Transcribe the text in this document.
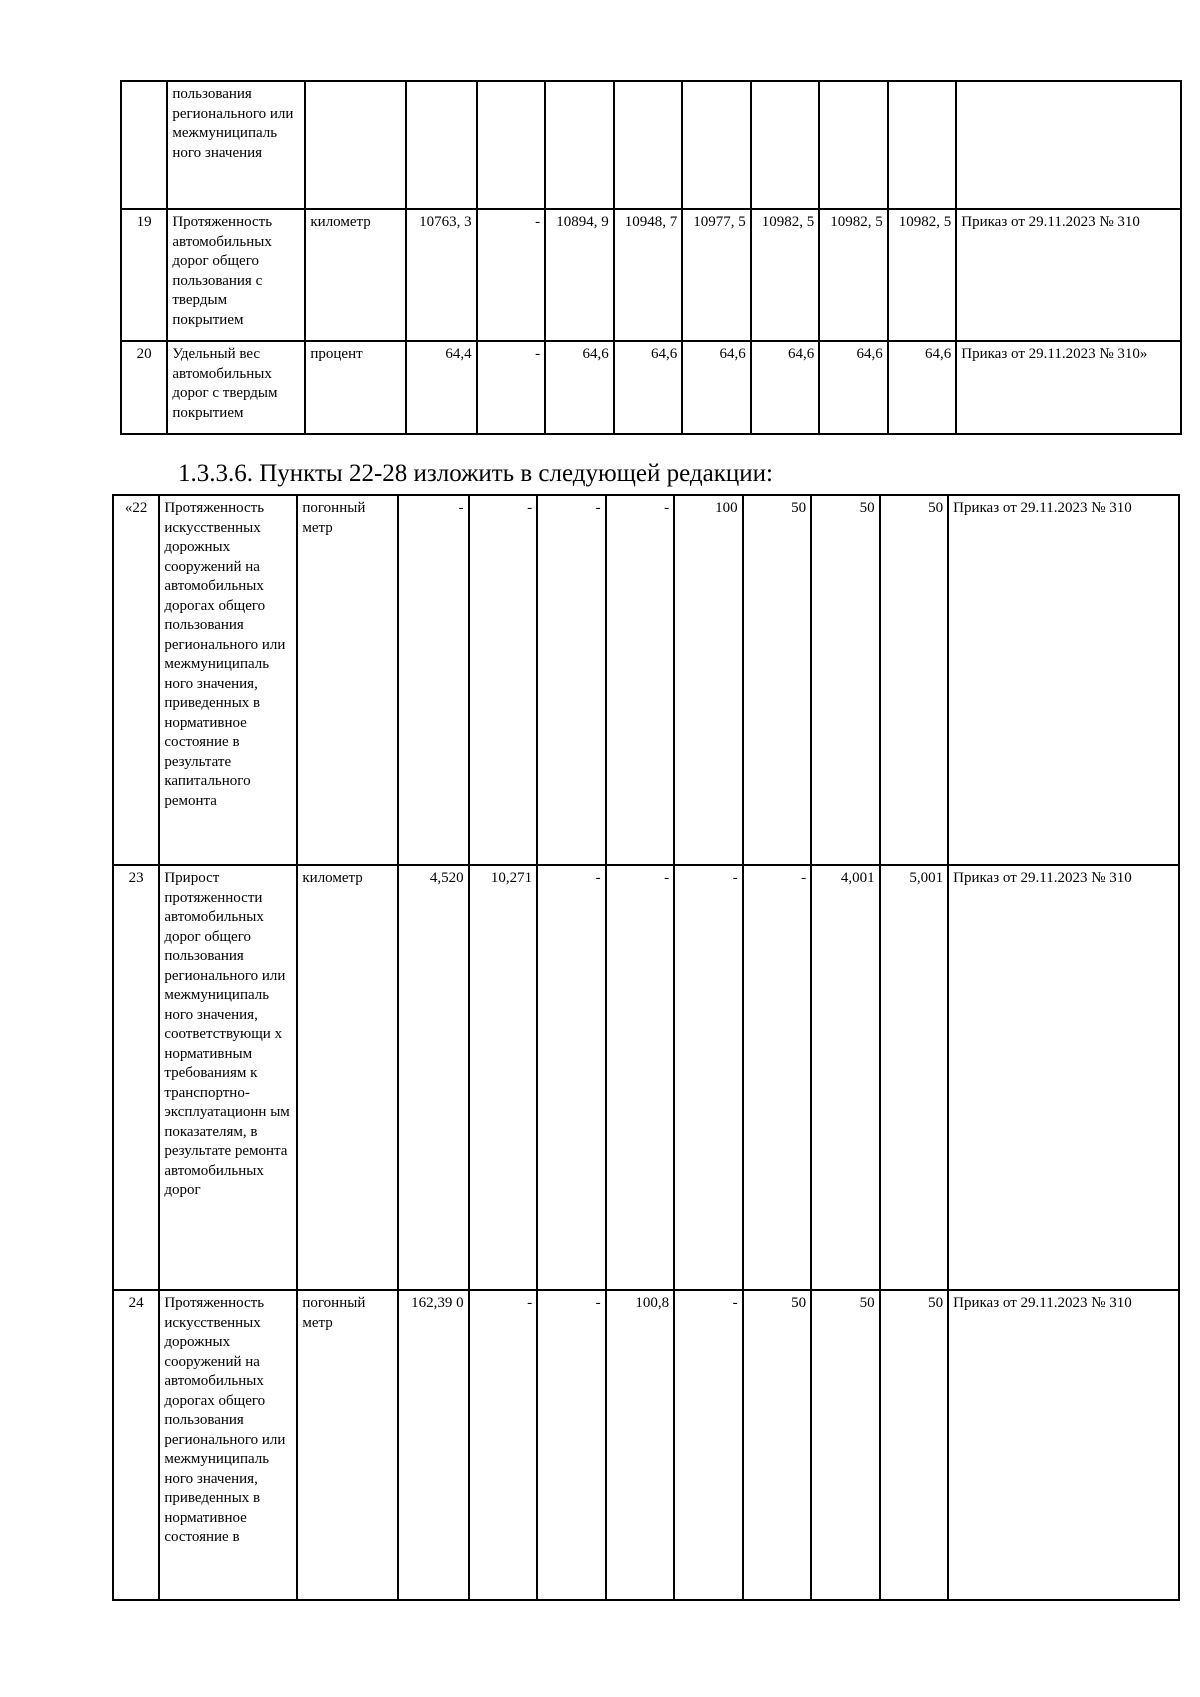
	пользования регионального или межмуниципаль ного значения										
19	Протяженность автомобильных дорог общего пользования с твердым покрытием	километр	10763, 3	-	10894, 9	10948, 7	10977, 5	10982, 5	10982, 5	10982, 5	Приказ от 29.11.2023 № 310
20	Удельный вес автомобильных дорог с твердым покрытием	процент	64,4	-	64,6	64,6	64,6	64,6	64,6	64,6	Приказ от 29.11.2023 № 310»

1.3.3.6. Пункты 22-28 изложить в следующей редакции:

«22	Протяженность искусственных дорожных сооружений на автомобильных дорогах общего пользования регионального или межмуниципаль ного значения, приведенных в нормативное состояние в результате капитального ремонта	погонный метр	-	-	-	-	100	50	50	50	Приказ от 29.11.2023 № 310
23	Прирост протяженности автомобильных дорог общего пользования регионального или межмуниципаль ного значения, соответствующи х нормативным требованиям к транспортно-эксплуатационн ым показателям, в результате ремонта автомобильных дорог	километр	4,520	10,271	-	-	-	-	4,001	5,001	Приказ от 29.11.2023 № 310
24	Протяженность искусственных дорожных сооружений на автомобильных дорогах общего пользования регионального или межмуниципаль ного значения, приведенных в нормативное состояние в	погонный метр	162,39 0	-	-	100,8	-	50	50	50	Приказ от 29.11.2023 № 310
